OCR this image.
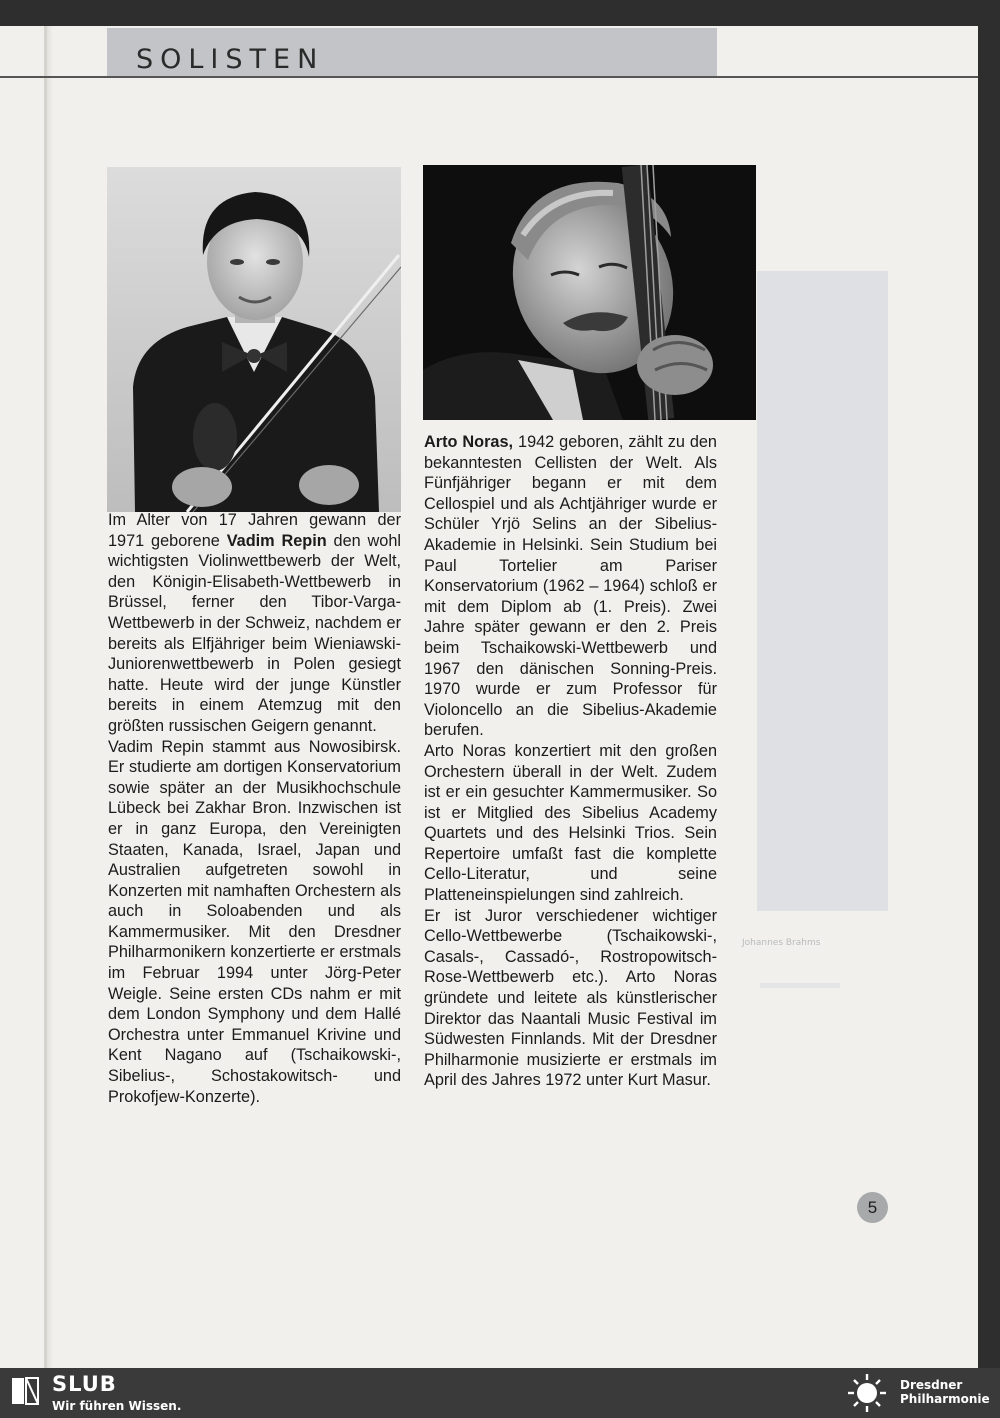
SOLISTEN
Johannes Brahms

Im Alter von 17 Jahren gewann der 1971 geborene Vadim Repin den wohl wichtigsten Violinwettbewerb der Welt, den Königin-Elisabeth-Wettbewerb in Brüssel, ferner den Tibor-Varga-Wettbewerb in der Schweiz, nachdem er bereits als Elfjähriger beim Wieniawski-Juniorenwettbewerb in Polen gesiegt hatte. Heute wird der junge Künstler bereits in einem Atemzug mit den größten russischen Geigern genannt.

Vadim Repin stammt aus Nowosibirsk. Er studierte am dortigen Konservatorium sowie später an der Musikhochschule Lübeck bei Zakhar Bron. Inzwischen ist er in ganz Europa, den Vereinigten Staaten, Kanada, Israel, Japan und Australien aufgetreten sowohl in Konzerten mit namhaften Orchestern als auch in Soloabenden und als Kammermusiker. Mit den Dresdner Philharmonikern konzertierte er erstmals im Februar 1994 unter Jörg-Peter Weigle. Seine ersten CDs nahm er mit dem London Symphony und dem Hallé Orchestra unter Emmanuel Krivine und Kent Nagano auf (Tschaikowski-, Sibelius-, Schostakowitsch- und Prokofjew-Konzerte).

Arto Noras, 1942 geboren, zählt zu den bekanntesten Cellisten der Welt. Als Fünfjähriger begann er mit dem Cellospiel und als Achtjähriger wurde er Schüler Yrjö Selins an der Sibelius-Akademie in Helsinki. Sein Studium bei Paul Tortelier am Pariser Konservatorium (1962 – 1964) schloß er mit dem Diplom ab (1. Preis). Zwei Jahre später gewann er den 2. Preis beim Tschaikowski-Wettbewerb und 1967 den dänischen Sonning-Preis. 1970 wurde er zum Professor für Violoncello an die Sibelius-Akademie berufen.

Arto Noras konzertiert mit den großen Orchestern überall in der Welt. Zudem ist er ein gesuchter Kammermusiker. So ist er Mitglied des Sibelius Academy Quartets und des Helsinki Trios. Sein Repertoire umfaßt fast die komplette Cello-Literatur, und seine Platteneinspielungen sind zahlreich.

Er ist Juror verschiedener wichtiger Cello-Wettbewerbe (Tschaikowski-, Casals-, Cassadó-, Rostropowitsch-Rose-Wettbewerb etc.). Arto Noras gründete und leitete als künstlerischer Direktor das Naantali Music Festival im Südwesten Finnlands. Mit der Dresdner Philharmonie musizierte er erstmals im April des Jahres 1972 unter Kurt Masur.

5
SLUB
Wir führen Wissen.
Dresdner
Philharmonie
